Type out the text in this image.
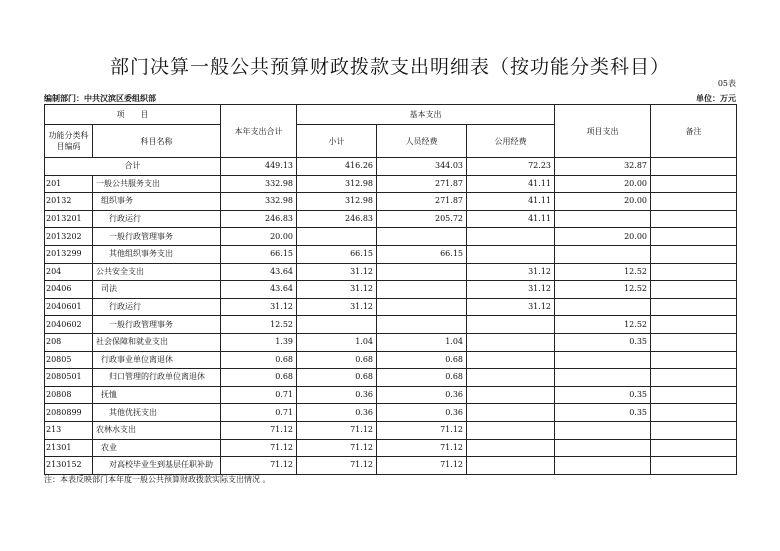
部门决算一般公共预算财政拨款支出明细表（按功能分类科目）
05表
编制部门：中共汉滨区委组织部	单位：万元
项　　目		本年支出合计	基本支出			项目支出	备注
功能分类科目编码	科目名称		小计	人员经费	公用经费		
合计		449.13	416.26	344.03	72.23	32.87	
201	一般公共服务支出	332.98	312.98	271.87	41.11	20.00	
20132	组织事务	332.98	312.98	271.87	41.11	20.00	
2013201	行政运行	246.83	246.83	205.72	41.11		
2013202	一般行政管理事务	20.00				20.00	
2013299	其他组织事务支出	66.15	66.15	66.15			
204	公共安全支出	43.64	31.12		31.12	12.52	
20406	司法	43.64	31.12		31.12	12.52	
2040601	行政运行	31.12	31.12		31.12		
2040602	一般行政管理事务	12.52				12.52	
208	社会保障和就业支出	1.39	1.04	1.04		0.35	
20805	行政事业单位离退休	0.68	0.68	0.68			
2080501	归口管理的行政单位离退休	0.68	0.68	0.68			
20808	抚恤	0.71	0.36	0.36		0.35	
2080899	其他优抚支出	0.71	0.36	0.36		0.35	
213	农林水支出	71.12	71.12	71.12			
21301	农业	71.12	71.12	71.12			
2130152	对高校毕业生到基层任职补助	71.12	71.12	71.12			
注：本表反映部门本年度一般公共预算财政拨款实际支出情况 。
